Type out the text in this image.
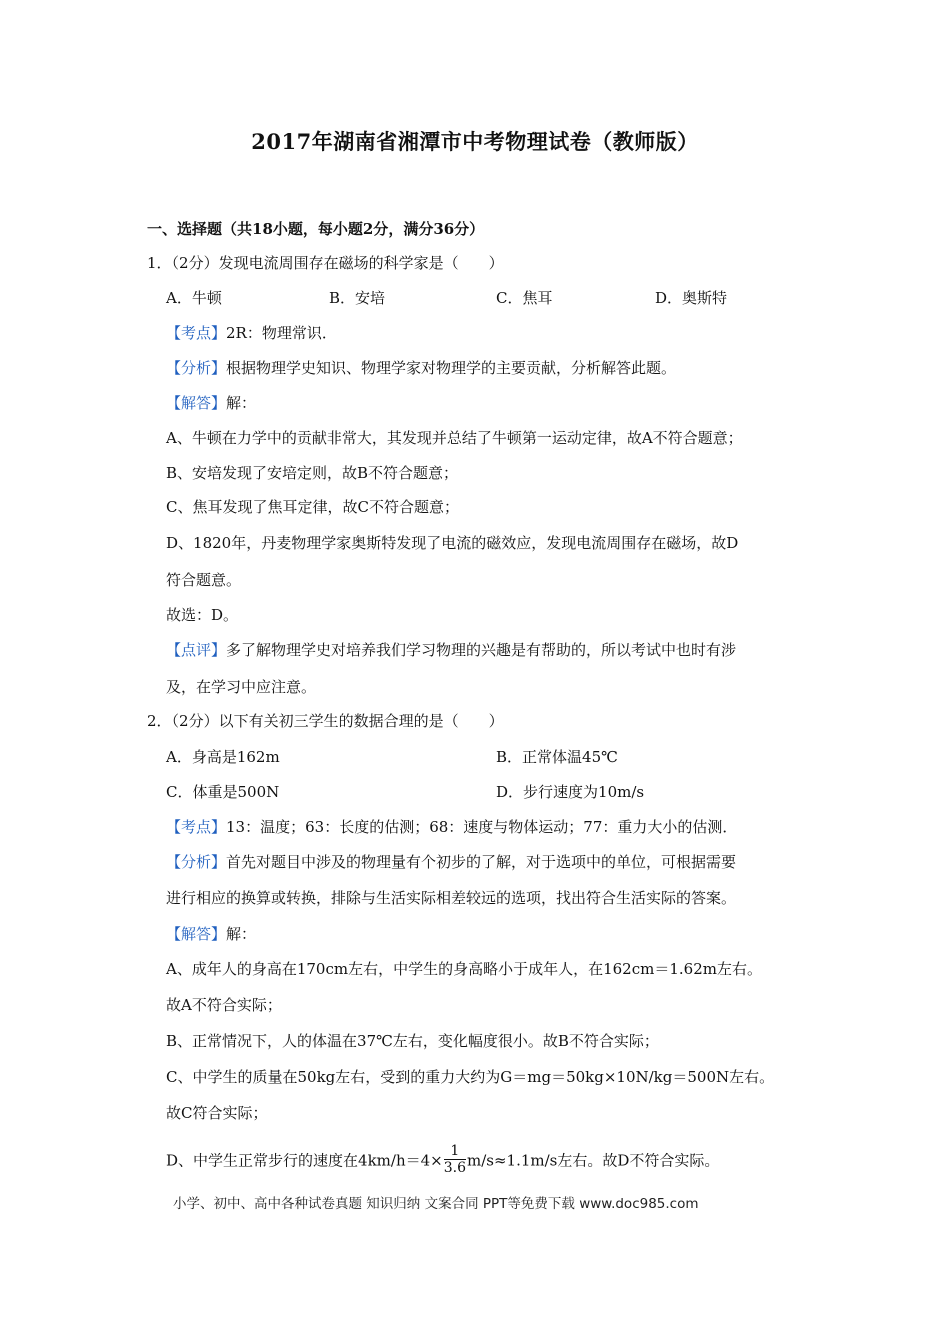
2017年湖南省湘潭市中考物理试卷（教师版）
一、选择题（共18小题，每小题2分，满分36分）
1．（2分）发现电流周围存在磁场的科学家是（　　）
A．牛顿	B．安培	C．焦耳	D．奥斯特
【考点】2R：物理常识．
【分析】根据物理学史知识、物理学家对物理学的主要贡献，分析解答此题。
【解答】解：
A、牛顿在力学中的贡献非常大，其发现并总结了牛顿第一运动定律，故A不符合题意；
B、安培发现了安培定则，故B不符合题意；
C、焦耳发现了焦耳定律，故C不符合题意；
D、1820年，丹麦物理学家奥斯特发现了电流的磁效应，发现电流周围存在磁场，故D
符合题意。
故选：D。
【点评】多了解物理学史对培养我们学习物理的兴趣是有帮助的，所以考试中也时有涉
及，在学习中应注意。
2．（2分）以下有关初三学生的数据合理的是（　　）
A．身高是162m	B．正常体温45℃
C．体重是500N	D．步行速度为10m/s
【考点】13：温度；63：长度的估测；68：速度与物体运动；77：重力大小的估测．
【分析】首先对题目中涉及的物理量有个初步的了解，对于选项中的单位，可根据需要
进行相应的换算或转换，排除与生活实际相差较远的选项，找出符合生活实际的答案。
【解答】解：
A、成年人的身高在170cm左右，中学生的身高略小于成年人，在162cm＝1.62m左右。
故A不符合实际；
B、正常情况下，人的体温在37℃左右，变化幅度很小。故B不符合实际；
C、中学生的质量在50kg左右，受到的重力大约为G＝mg＝50kg×10N/kg＝500N左右。
故C符合实际；
D、中学生正常步行的速度在$4km/h=4\times \frac{1}{3.6} m/s\approx 1.1m/s$左右。故D不符合实际。
小学、初中、高中各种试卷真题 知识归纳 文案合同 PPT等免费下载 www.doc985.com
